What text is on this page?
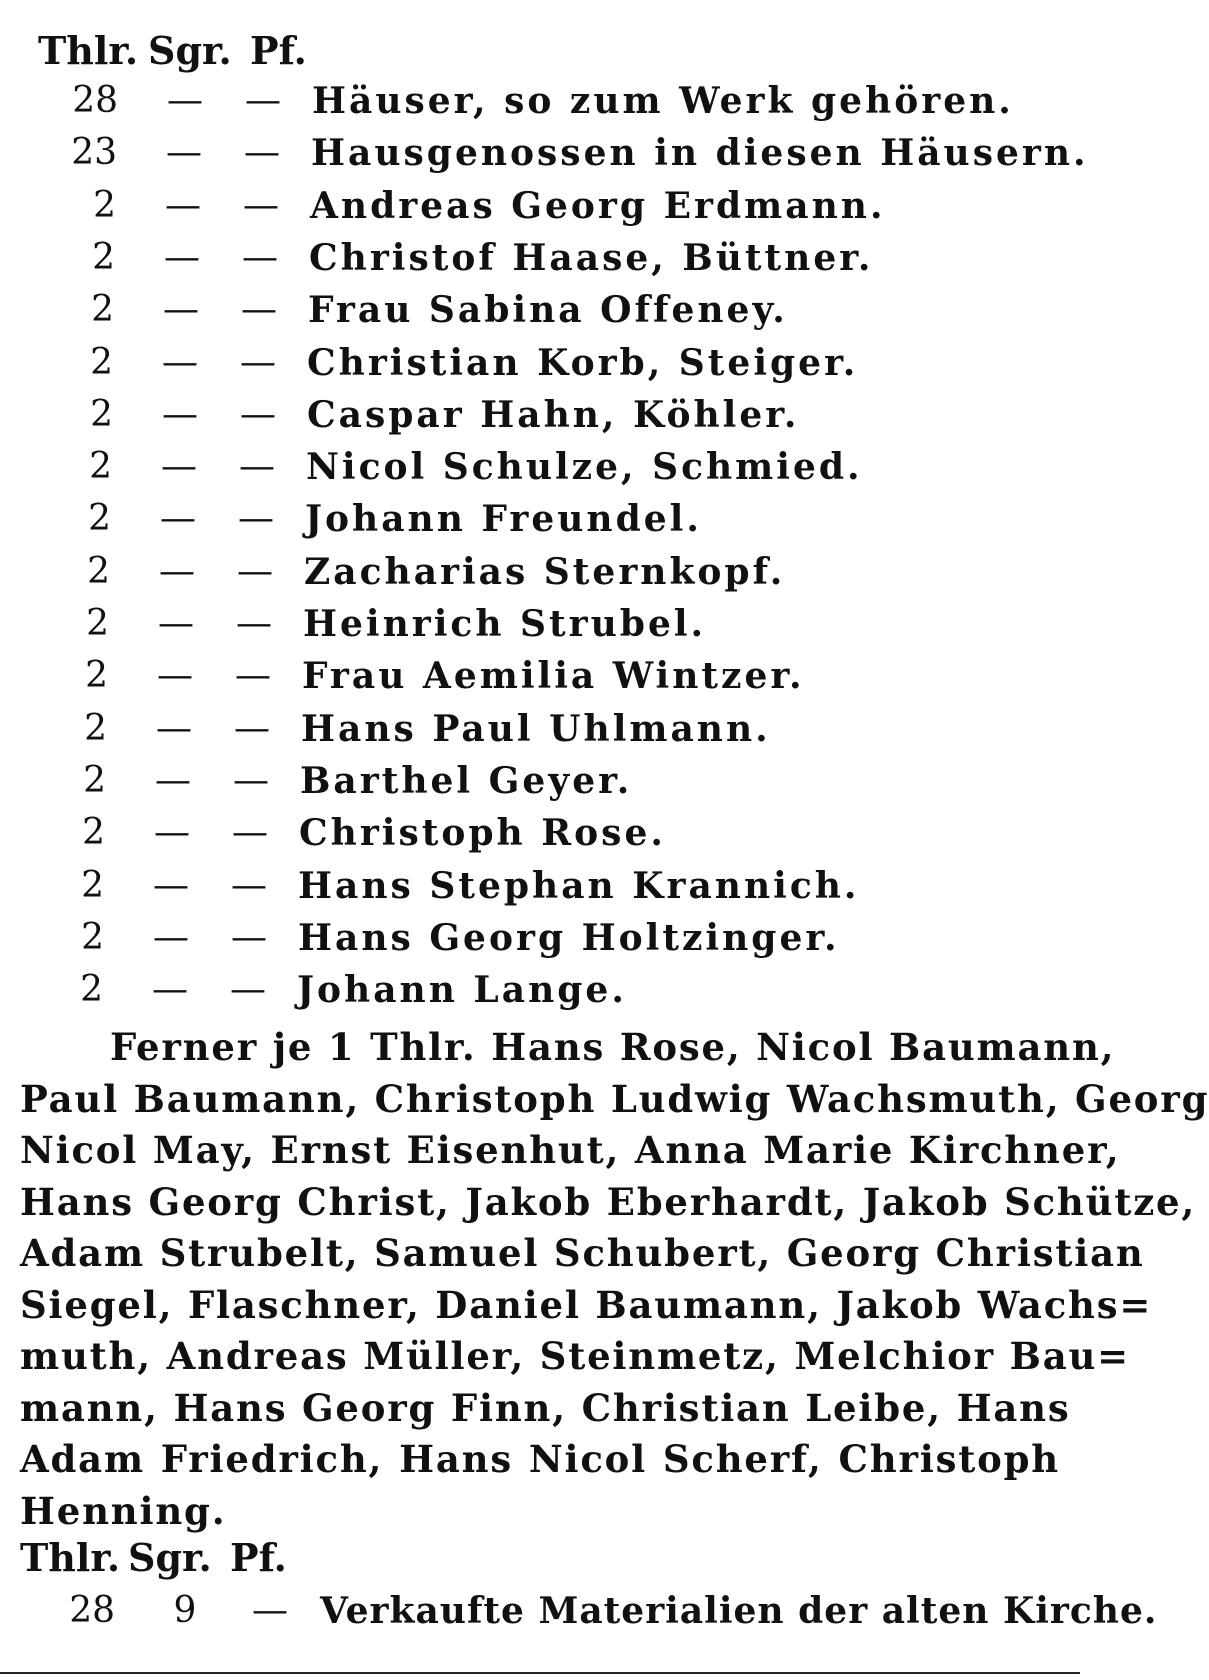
Thlr. Sgr. Pf.
28	—	— Häuser, so zum Werk gehören.
23	—	— Hausgenossen in diesen Häusern.
2	—	— Andreas Georg Erdmann.
2	—	— Christof Haase, Büttner.
2	—	— Frau Sabina Offeney.
2	—	— Christian Korb, Steiger.
2	—	— Caspar Hahn, Köhler.
2	—	— Nicol Schulze, Schmied.
2	—	— Johann Freundel.
2	—	— Zacharias Sternkopf.
2	—	— Heinrich Strubel.
2	—	— Frau Aemilia Wintzer.
2	—	— Hans Paul Uhlmann.
2	—	— Barthel Geyer.
2	—	— Christoph Rose.
2	—	— Hans Stephan Krannich.
2	—	— Hans Georg Holtzinger.
2	—	— Johann Lange.
Ferner je 1 Thlr. Hans Rose, Nicol Baumann,
Paul Baumann, Christoph Ludwig Wachsmuth, Georg
Nicol May, Ernst Eisenhut, Anna Marie Kirchner,
Hans Georg Christ, Jakob Eberhardt, Jakob Schütze,
Adam Strubelt, Samuel Schubert, Georg Christian
Siegel, Flaschner, Daniel Baumann, Jakob Wachs=
muth, Andreas Müller, Steinmetz, Melchior Bau=
mann, Hans Georg Finn, Christian Leibe, Hans
Adam Friedrich, Hans Nicol Scherf, Christoph
Henning.
Thlr. Sgr. Pf.
28 9	— Verkaufte Materialien der alten Kirche.
